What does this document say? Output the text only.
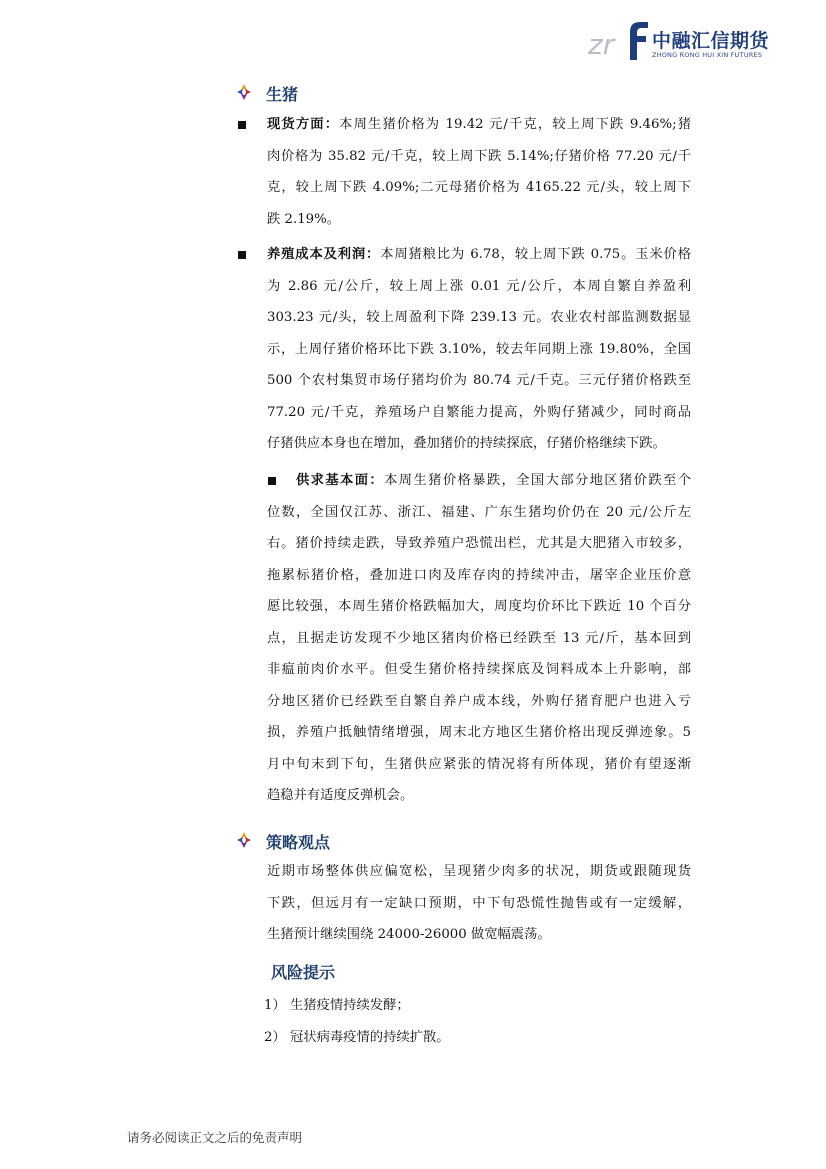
zr 中融汇信期货
ZHONG RONG HUI XIN FUTURES
生猪
现货方面：本周生猪价格为 19.42 元/千克，较上周下跌 9.46%;猪
肉价格为 35.82 元/千克，较上周下跌 5.14%;仔猪价格 77.20 元/千
克，较上周下跌 4.09%;二元母猪价格为 4165.22 元/头，较上周下
跌 2.19%。
养殖成本及利润：本周猪粮比为 6.78，较上周下跌 0.75。玉米价格
为 2.86 元/公斤，较上周上涨 0.01 元/公斤，本周自繁自养盈利
303.23 元/头，较上周盈利下降 239.13 元。农业农村部监测数据显
示，上周仔猪价格环比下跌 3.10%，较去年同期上涨 19.80%，全国
500 个农村集贸市场仔猪均价为 80.74 元/千克。三元仔猪价格跌至
77.20 元/千克，养殖场户自繁能力提高，外购仔猪减少，同时商品
仔猪供应本身也在增加，叠加猪价的持续探底，仔猪价格继续下跌。
供求基本面：本周生猪价格暴跌，全国大部分地区猪价跌至个
位数，全国仅江苏、浙江、福建、广东生猪均价仍在 20 元/公斤左
右。猪价持续走跌，导致养殖户恐慌出栏，尤其是大肥猪入市较多，
拖累标猪价格，叠加进口肉及库存肉的持续冲击，屠宰企业压价意
愿比较强，本周生猪价格跌幅加大，周度均价环比下跌近 10 个百分
点，且据走访发现不少地区猪肉价格已经跌至 13 元/斤，基本回到
非瘟前肉价水平。但受生猪价格持续探底及饲料成本上升影响，部
分地区猪价已经跌至自繁自养户成本线，外购仔猪育肥户也进入亏
损，养殖户抵触情绪增强，周末北方地区生猪价格出现反弹迹象。5
月中旬末到下旬，生猪供应紧张的情况将有所体现，猪价有望逐渐
趋稳并有适度反弹机会。
策略观点
近期市场整体供应偏宽松，呈现猪少肉多的状况，期货或跟随现货
下跌，但远月有一定缺口预期，中下旬恐慌性抛售或有一定缓解，
生猪预计继续围绕 24000-26000 做宽幅震荡。
风险提示
1） 生猪疫情持续发酵；
2） 冠状病毒疫情的持续扩散。
请务必阅读正文之后的免责声明
